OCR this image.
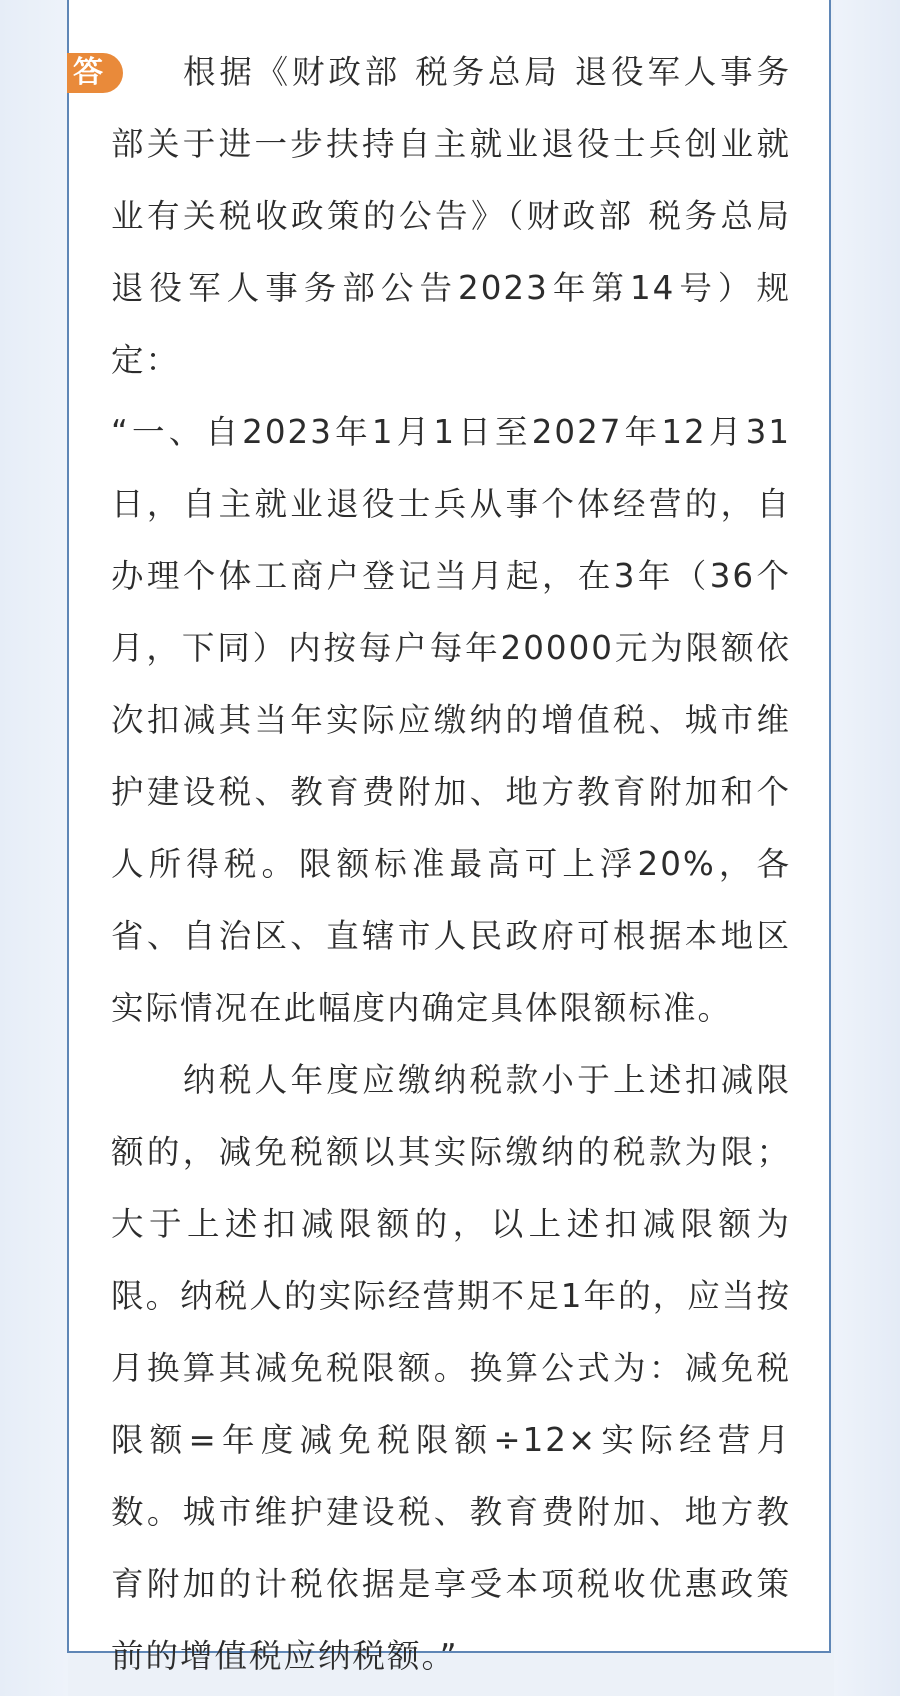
答	根据《财政部 税务总局 退役军人事务部关于进一步扶持自主就业退役士兵创业就业有关税收政策的公告》（财政部 税务总局 退役军人事务部公告2023年第14号）规定：

“一、自2023年1月1日至2027年12月31日，自主就业退役士兵从事个体经营的，自办理个体工商户登记当月起，在3年（36个月，下同）内按每户每年20000元为限额依次扣减其当年实际应缴纳的增值税、城市维护建设税、教育费附加、地方教育附加和个人所得税。限额标准最高可上浮20%，各省、自治区、直辖市人民政府可根据本地区实际情况在此幅度内确定具体限额标准。

纳税人年度应缴纳税款小于上述扣减限额的，减免税额以其实际缴纳的税款为限；大于上述扣减限额的，以上述扣减限额为限。纳税人的实际经营期不足1年的，应当按月换算其减免税限额。换算公式为：减免税限额=年度减免税限额÷12×实际经营月数。城市维护建设税、教育费附加、地方教育附加的计税依据是享受本项税收优惠政策前的增值税应纳税额。”
